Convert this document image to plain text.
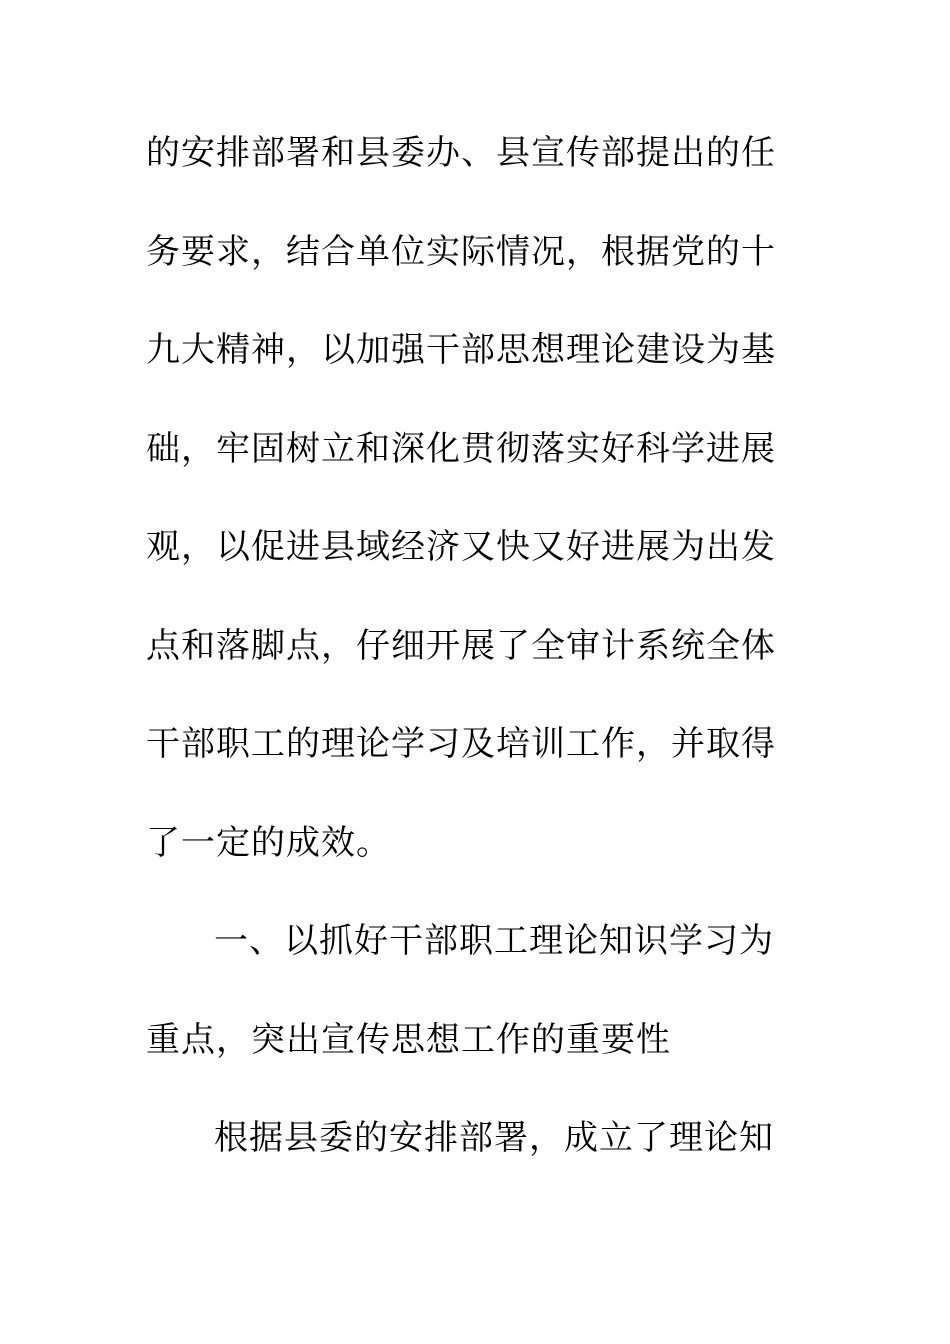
的安排部署和县委办、县宣传部提出的任
务要求，结合单位实际情况，根据党的十
九大精神，以加强干部思想理论建设为基
础，牢固树立和深化贯彻落实好科学进展
观，以促进县域经济又快又好进展为出发
点和落脚点，仔细开展了全审计系统全体
干部职工的理论学习及培训工作，并取得
了一定的成效。
一、以抓好干部职工理论知识学习为
重点，突出宣传思想工作的重要性
根据县委的安排部署，成立了理论知
